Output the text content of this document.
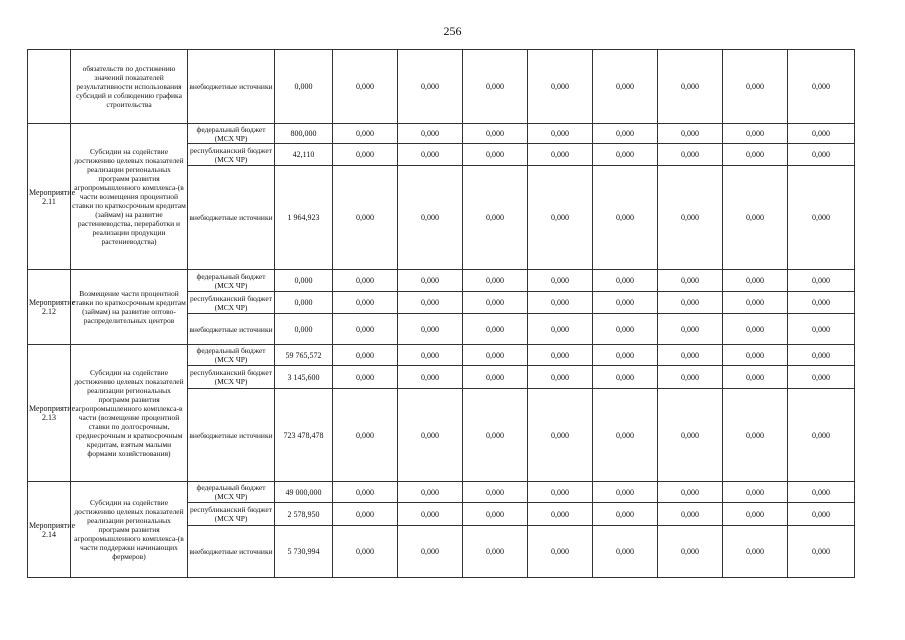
256
	обязательств по достижению значений показателей результативности использования субсидий и соблюдению графика строительства	внебюджетные источники	0,000	0,000	0,000	0,000	0,000	0,000	0,000	0,000	0,000
Мероприятие 2.11	Субсидии на содействие достижению целевых показателей реализации региональных программ развития агропромышленного комплекса-(в части возмещения процентной ставки по краткосрочным кредитам (займам) на развитие растениеводства, переработки и реализации продукции растениеводства)	федеральный бюджет (МСХ ЧР)	800,000	0,000	0,000	0,000	0,000	0,000	0,000	0,000	0,000
		республиканский бюджет (МСХ ЧР)	42,110	0,000	0,000	0,000	0,000	0,000	0,000	0,000	0,000
		внебюджетные источники	1 964,923	0,000	0,000	0,000	0,000	0,000	0,000	0,000	0,000
Мероприятие 2.12	Возмещение части процентной ставки по краткосрочным кредитам (займам) на развитие оптово-распределительных центров	федеральный бюджет (МСХ ЧР)	0,000	0,000	0,000	0,000	0,000	0,000	0,000	0,000	0,000
		республиканский бюджет (МСХ ЧР)	0,000	0,000	0,000	0,000	0,000	0,000	0,000	0,000	0,000
		внебюджетные источники	0,000	0,000	0,000	0,000	0,000	0,000	0,000	0,000	0,000
Мероприятие 2.13	Субсидии на содействие достижению целевых показателей реализации региональных программ развития агропромышленного комплекса-в части (возмещение процентной ставки по долгосрочным, среднесрочным и краткосрочным кредитам, взятым малыми формами хозяйствования)	федеральный бюджет (МСХ ЧР)	59 765,572	0,000	0,000	0,000	0,000	0,000	0,000	0,000	0,000
		республиканский бюджет (МСХ ЧР)	3 145,600	0,000	0,000	0,000	0,000	0,000	0,000	0,000	0,000
		внебюджетные источники	723 478,478	0,000	0,000	0,000	0,000	0,000	0,000	0,000	0,000
Мероприятие 2.14	Субсидии на содействие достижению целевых показателей реализации региональных программ развития агропромышленного комплекса-(в части поддержки начинающих фермеров)	федеральный бюджет (МСХ ЧР)	49 000,000	0,000	0,000	0,000	0,000	0,000	0,000	0,000	0,000
		республиканский бюджет (МСХ ЧР)	2 578,950	0,000	0,000	0,000	0,000	0,000	0,000	0,000	0,000
		внебюджетные источники	5 730,994	0,000	0,000	0,000	0,000	0,000	0,000	0,000	0,000
